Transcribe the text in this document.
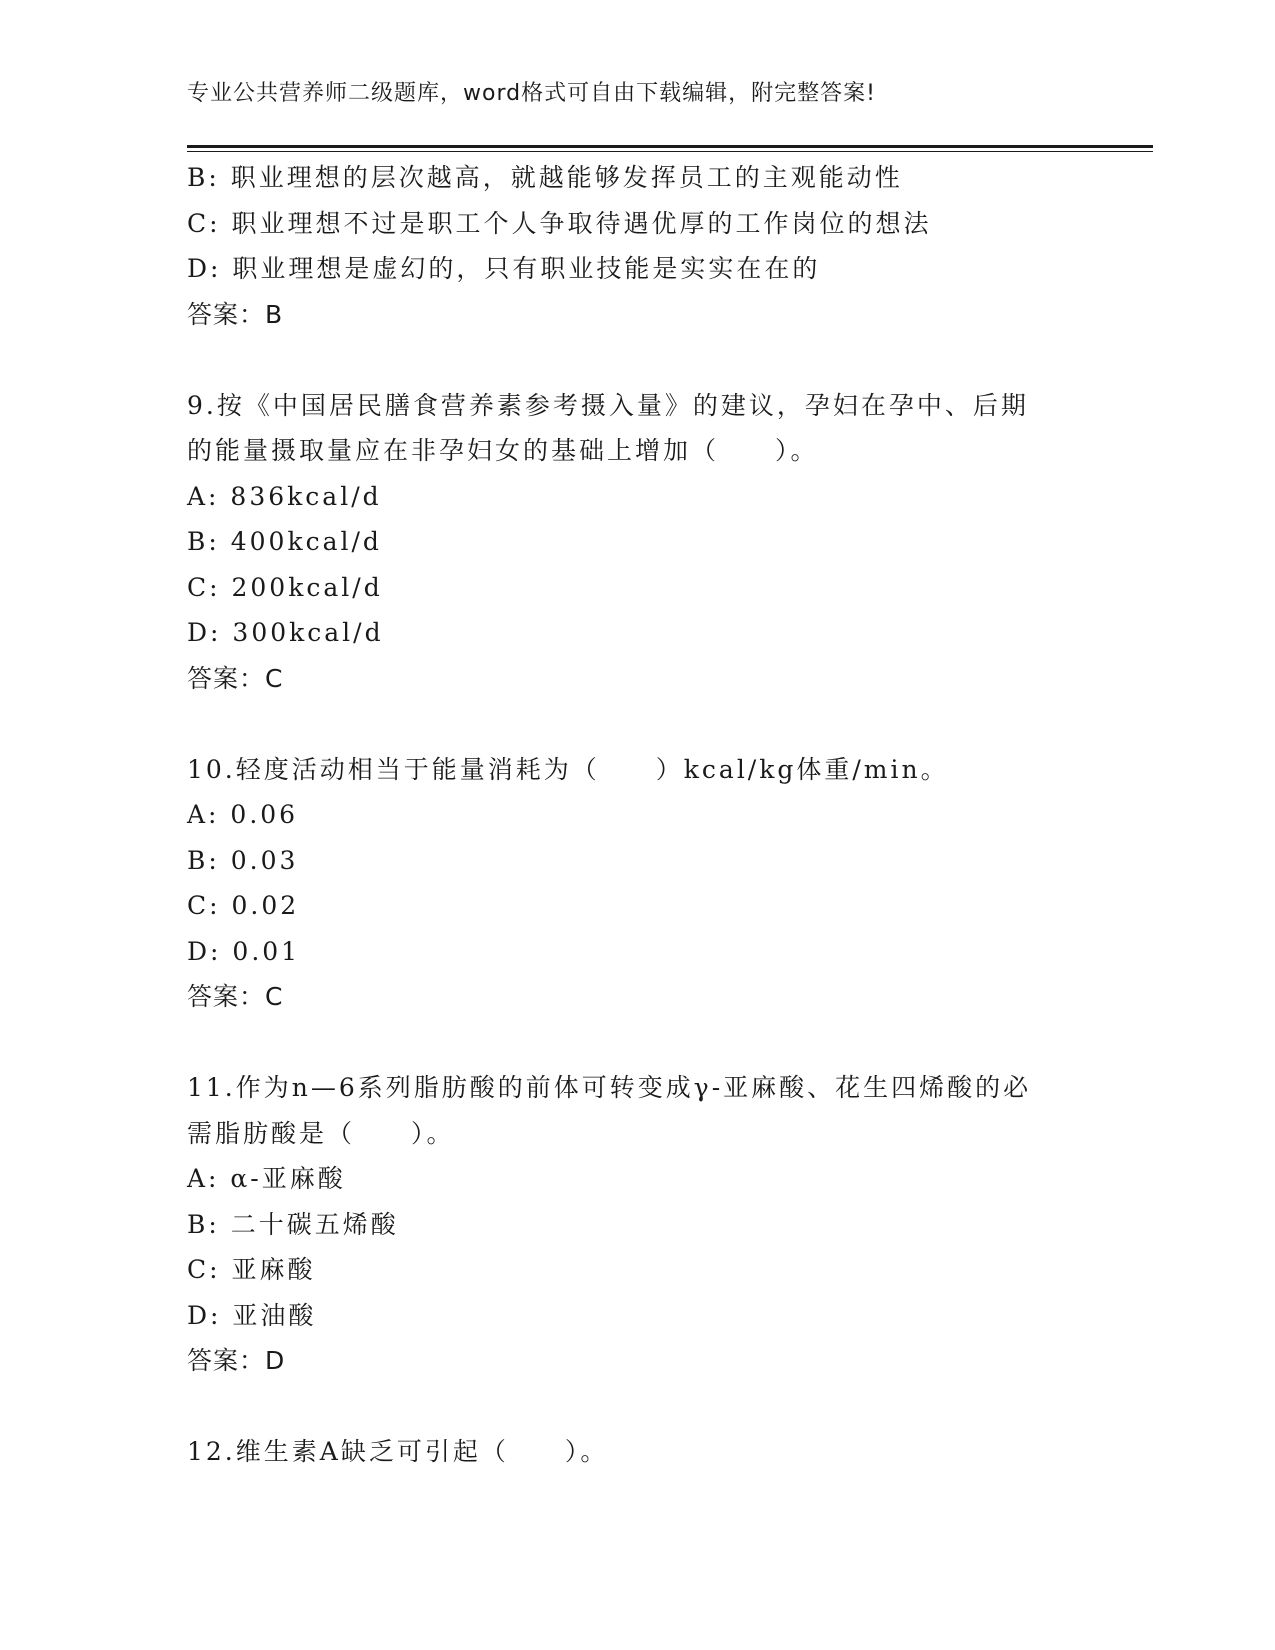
专业公共营养师二级题库，word格式可自由下载编辑，附完整答案!
B: 职业理想的层次越高，就越能够发挥员工的主观能动性
C: 职业理想不过是职工个人争取待遇优厚的工作岗位的想法
D: 职业理想是虚幻的，只有职业技能是实实在在的
答案：B
9.按《中国居民膳食营养素参考摄入量》的建议，孕妇在孕中、后期
的能量摄取量应在非孕妇女的基础上增加（　　）。
A: 836kcal/d
B: 400kcal/d
C: 200kcal/d
D: 300kcal/d
答案：C
10.轻度活动相当于能量消耗为（　　）kcal/kg体重/min。
A: 0.06
B: 0.03
C: 0.02
D: 0.01
答案：C
11.作为n—6系列脂肪酸的前体可转变成γ-亚麻酸、花生四烯酸的必
需脂肪酸是（　　）。
A: α-亚麻酸
B: 二十碳五烯酸
C: 亚麻酸
D: 亚油酸
答案：D
12.维生素A缺乏可引起（　　）。
